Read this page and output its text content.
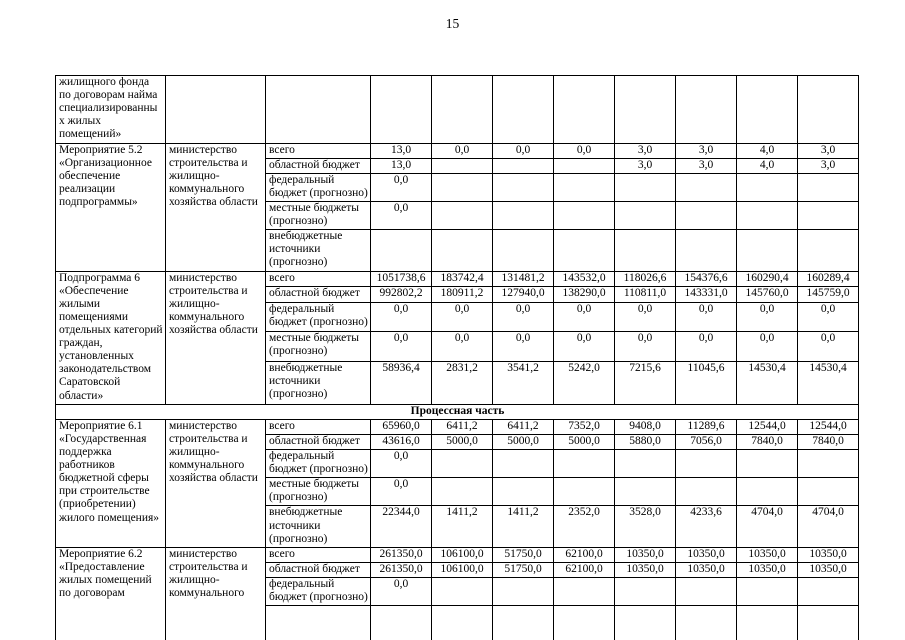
15
жилищного фонда по договорам найма специализированных жилых помещений»										
Мероприятие 5.2 «Организационное обеспечение реализации подпрограммы»	министерство строительства и жилищно-коммунального хозяйства области	всего	13,0	0,0	0,0	0,0	3,0	3,0	4,0	3,0
		областной бюджет	13,0				3,0	3,0	4,0	3,0
		федеральный бюджет (прогнозно)	0,0							
		местные бюджеты (прогнозно)	0,0							
		внебюджетные источники (прогнозно)								
Подпрограмма 6 «Обеспечение жилыми помещениями отдельных категорий граждан, установленных законодательством Саратовской области»	министерство строительства и жилищно-коммунального хозяйства области	всего	1051738,6	183742,4	131481,2	143532,0	118026,6	154376,6	160290,4	160289,4
		областной бюджет	992802,2	180911,2	127940,0	138290,0	110811,0	143331,0	145760,0	145759,0
		федеральный бюджет (прогнозно)	0,0	0,0	0,0	0,0	0,0	0,0	0,0	0,0
		местные бюджеты (прогнозно)	0,0	0,0	0,0	0,0	0,0	0,0	0,0	0,0
		внебюджетные источники (прогнозно)	58936,4	2831,2	3541,2	5242,0	7215,6	11045,6	14530,4	14530,4
Процессная часть										
Мероприятие 6.1 «Государственная поддержка работников бюджетной сферы при строительстве (приобретении) жилого помещения»	министерство строительства и жилищно-коммунального хозяйства области	всего	65960,0	6411,2	6411,2	7352,0	9408,0	11289,6	12544,0	12544,0
		областной бюджет	43616,0	5000,0	5000,0	5000,0	5880,0	7056,0	7840,0	7840,0
		федеральный бюджет (прогнозно)	0,0							
		местные бюджеты (прогнозно)	0,0							
		внебюджетные источники (прогнозно)	22344,0	1411,2	1411,2	2352,0	3528,0	4233,6	4704,0	4704,0
Мероприятие 6.2 «Предоставление жилых помещений по договорам	министерство строительства и жилищно-коммунального	всего	261350,0	106100,0	51750,0	62100,0	10350,0	10350,0	10350,0	10350,0
		областной бюджет	261350,0	106100,0	51750,0	62100,0	10350,0	10350,0	10350,0	10350,0
		федеральный бюджет (прогнозно)	0,0							
